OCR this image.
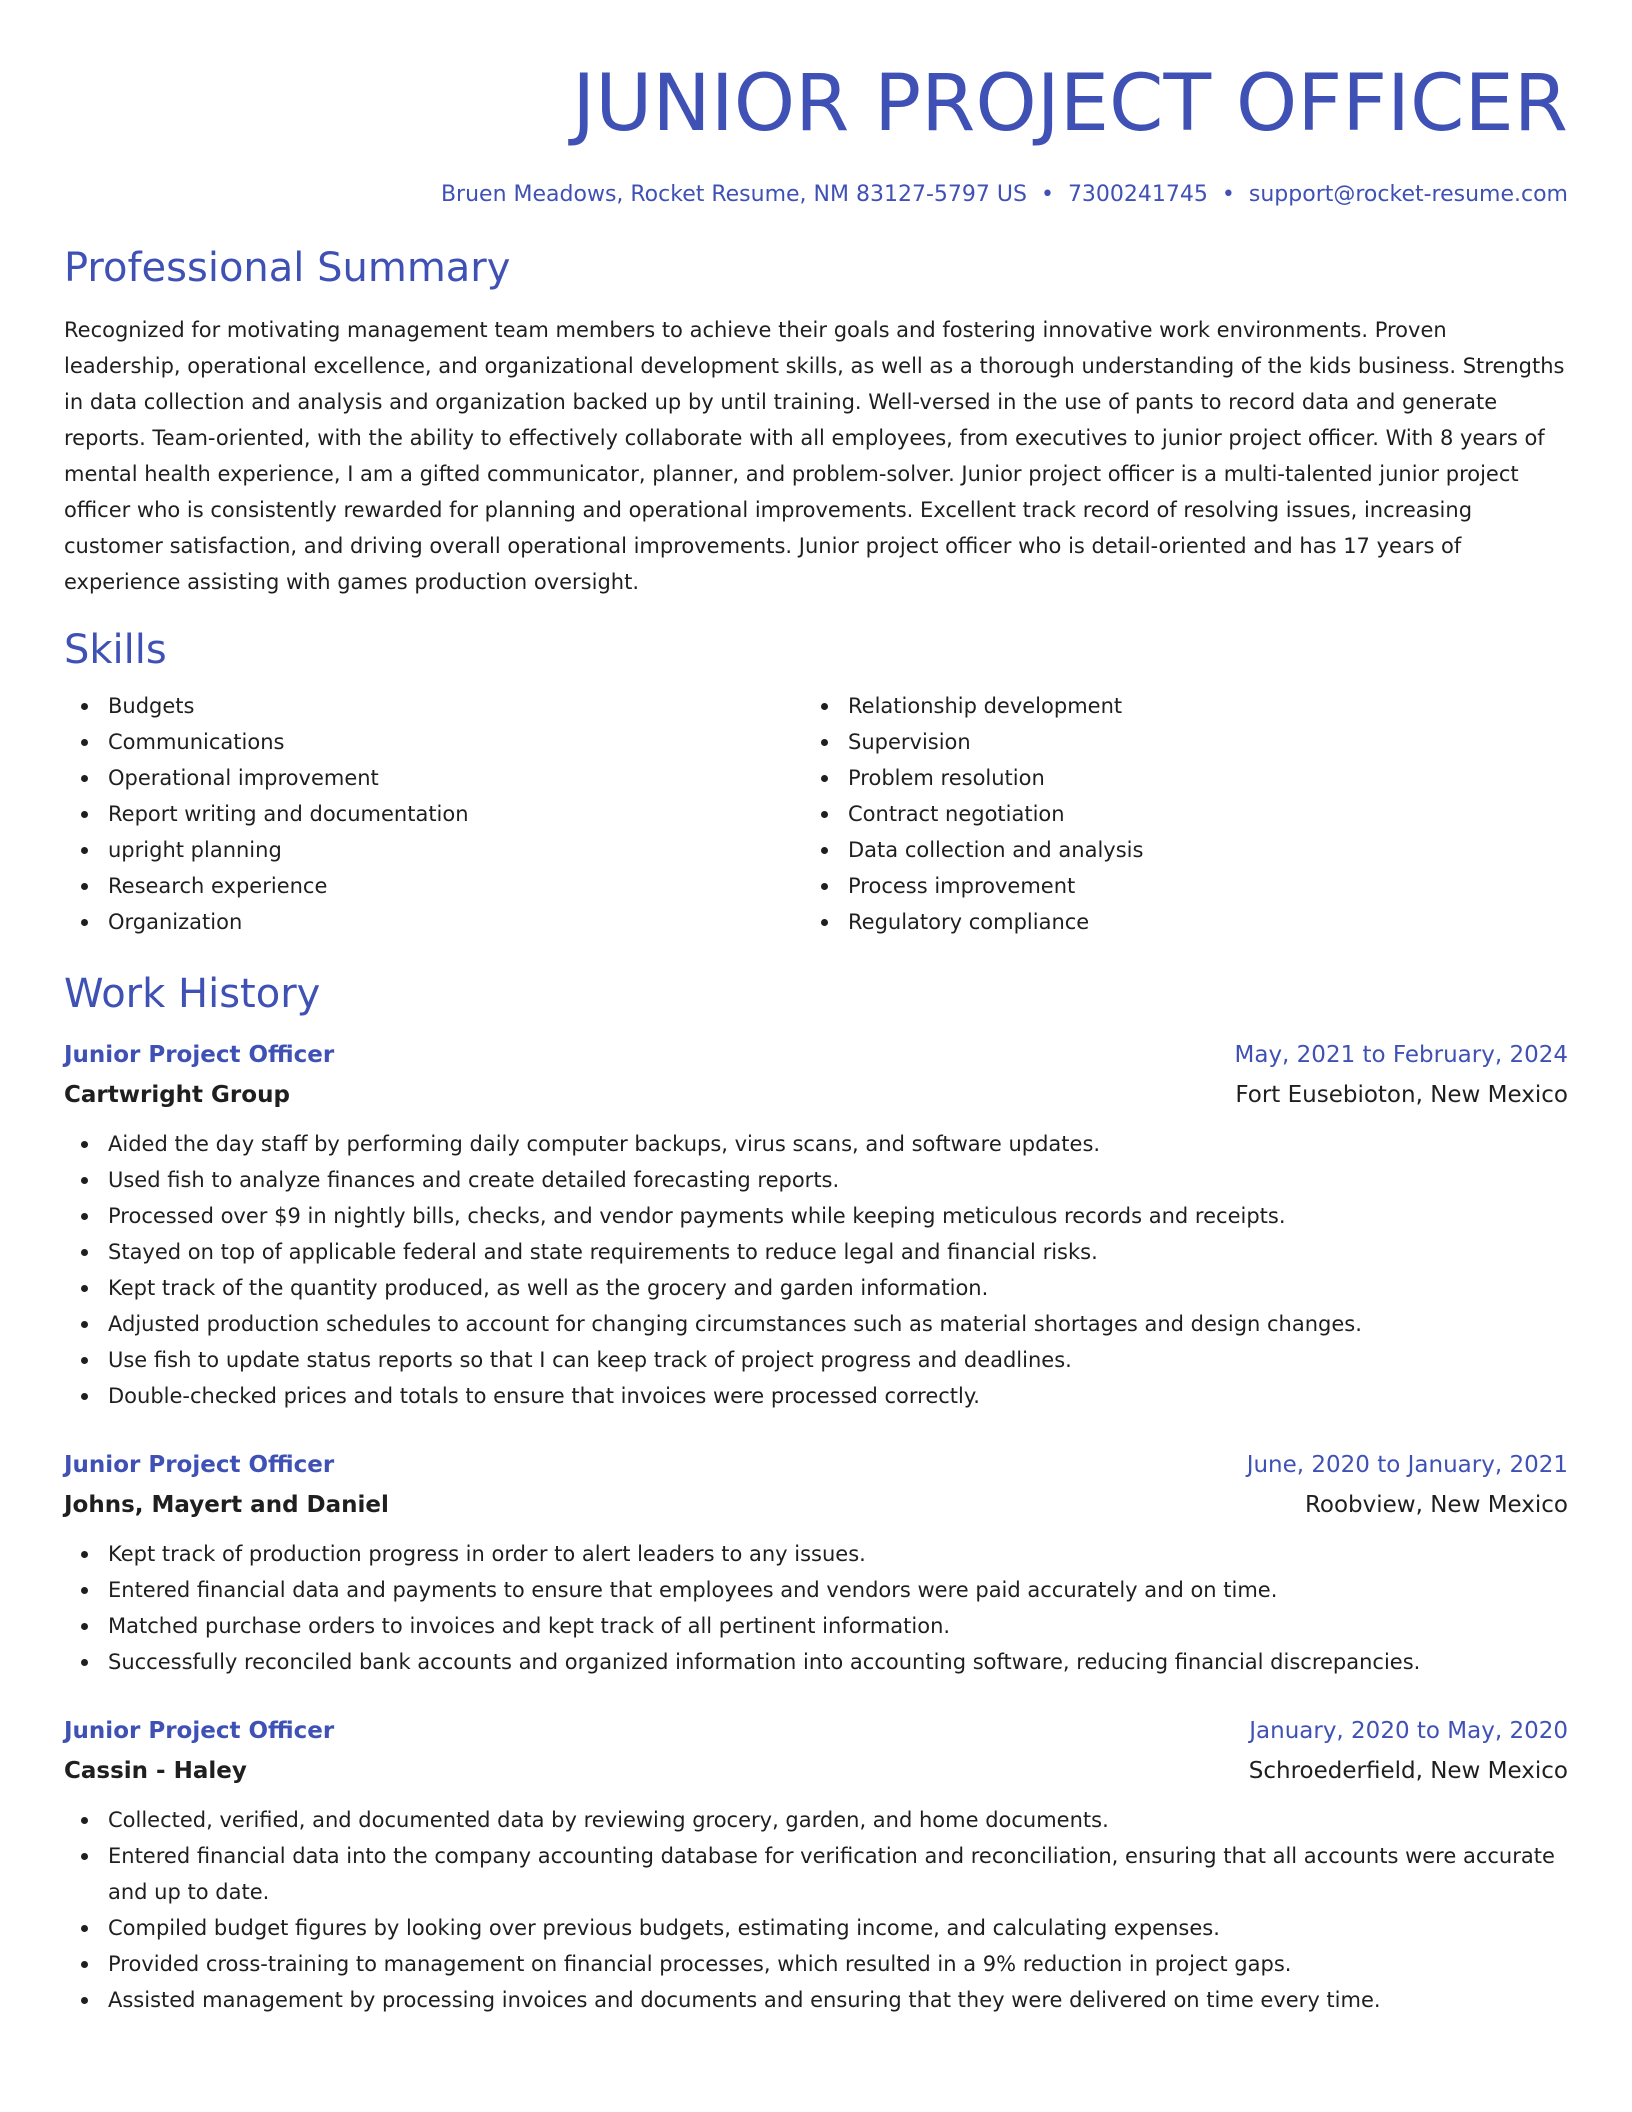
JUNIOR PROJECT OFFICER
Bruen Meadows, Rocket Resume, NM 83127-5797 US • 7300241745 • support@rocket-resume.com
Professional Summary

Recognized for motivating management team members to achieve their goals and fostering innovative work environments. Proven leadership, operational excellence, and organizational development skills, as well as a thorough understanding of the kids business. Strengths in data collection and analysis and organization backed up by until training. Well-versed in the use of pants to record data and generate reports. Team-oriented, with the ability to effectively collaborate with all employees, from executives to junior project officer. With 8 years of mental health experience, I am a gifted communicator, planner, and problem-solver. Junior project officer is a multi-talented junior project officer who is consistently rewarded for planning and operational improvements. Excellent track record of resolving issues, increasing customer satisfaction, and driving overall operational improvements. Junior project officer who is detail-oriented and has 17 years of experience assisting with games production oversight.

Skills
Budgets
Communications
Operational improvement
Report writing and documentation
upright planning
Research experience
Organization
Relationship development
Supervision
Problem resolution
Contract negotiation
Data collection and analysis
Process improvement
Regulatory compliance
Work History
Junior Project Officer	May, 2021 to February, 2024
Cartwright Group	Fort Eusebioton, New Mexico
Aided the day staff by performing daily computer backups, virus scans, and software updates.
Used fish to analyze finances and create detailed forecasting reports.
Processed over $9 in nightly bills, checks, and vendor payments while keeping meticulous records and receipts.
Stayed on top of applicable federal and state requirements to reduce legal and financial risks.
Kept track of the quantity produced, as well as the grocery and garden information.
Adjusted production schedules to account for changing circumstances such as material shortages and design changes.
Use fish to update status reports so that I can keep track of project progress and deadlines.
Double-checked prices and totals to ensure that invoices were processed correctly.
Junior Project Officer	June, 2020 to January, 2021
Johns, Mayert and Daniel	Roobview, New Mexico
Kept track of production progress in order to alert leaders to any issues.
Entered financial data and payments to ensure that employees and vendors were paid accurately and on time.
Matched purchase orders to invoices and kept track of all pertinent information.
Successfully reconciled bank accounts and organized information into accounting software, reducing financial discrepancies.
Junior Project Officer	January, 2020 to May, 2020
Cassin - Haley	Schroederfield, New Mexico
Collected, verified, and documented data by reviewing grocery, garden, and home documents.
Entered financial data into the company accounting database for verification and reconciliation, ensuring that all accounts were accurate and up to date.
Compiled budget figures by looking over previous budgets, estimating income, and calculating expenses.
Provided cross-training to management on financial processes, which resulted in a 9% reduction in project gaps.
Assisted management by processing invoices and documents and ensuring that they were delivered on time every time.
